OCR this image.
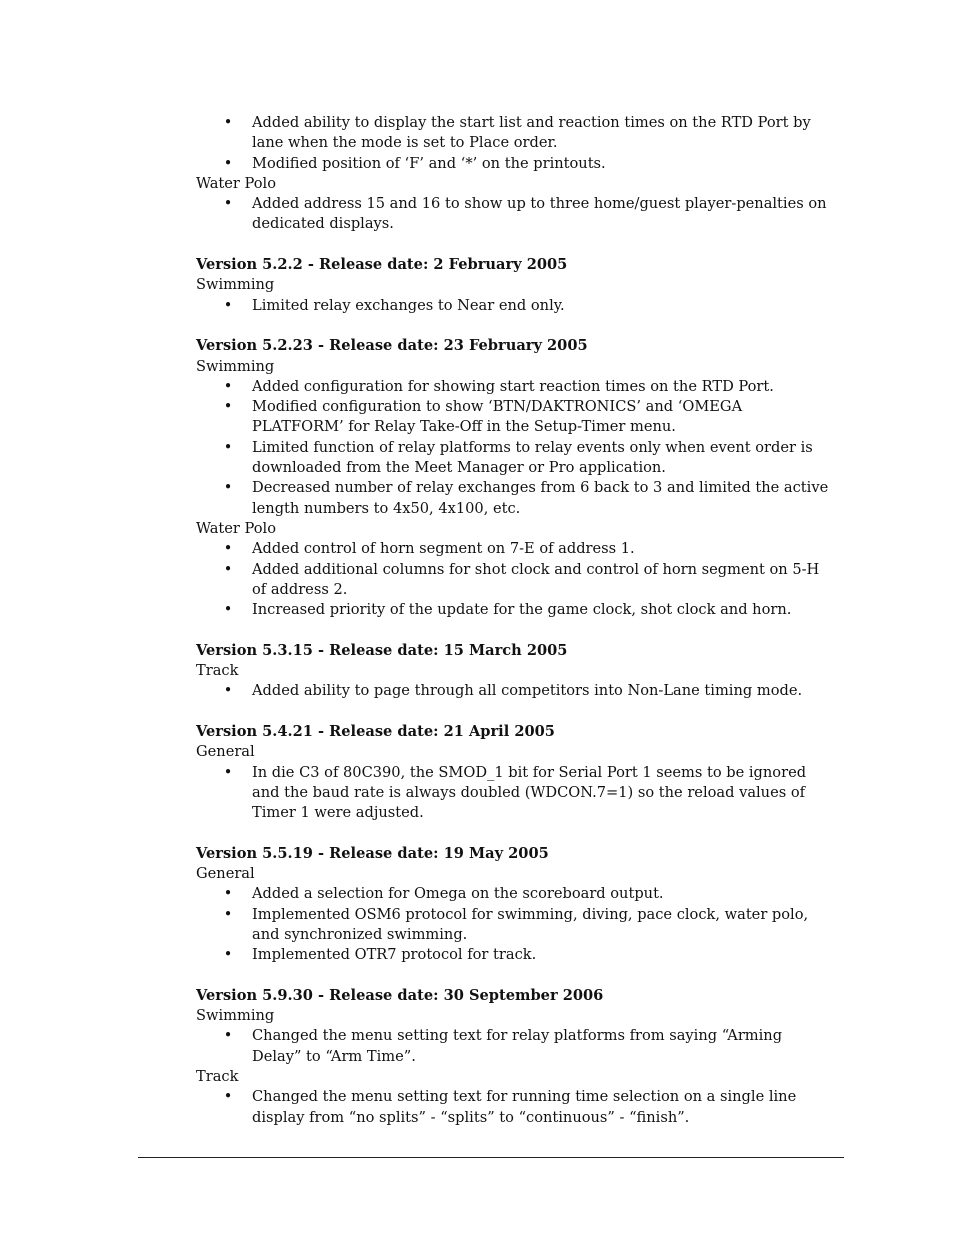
• Added ability to display the start list and reaction times on the RTD Port by lane when the mode is set to Place order.
• Modified position of ‘F’ and ‘*’ on the printouts.
Water Polo
• Added address 15 and 16 to show up to three home/guest player-penalties on dedicated displays.
Version 5.2.2 - Release date: 2 February 2005
Swimming
• Limited relay exchanges to Near end only.
Version 5.2.23 - Release date: 23 February 2005
Swimming
• Added configuration for showing start reaction times on the RTD Port.
• Modified configuration to show ‘BTN/DAKTRONICS’ and ‘OMEGA PLATFORM’ for Relay Take-Off in the Setup-Timer menu.
• Limited function of relay platforms to relay events only when event order is downloaded from the Meet Manager or Pro application.
• Decreased number of relay exchanges from 6 back to 3 and limited the active length numbers to 4x50, 4x100, etc.
Water Polo
• Added control of horn segment on 7-E of address 1.
• Added additional columns for shot clock and control of horn segment on 5-H of address 2.
• Increased priority of the update for the game clock, shot clock and horn.
Version 5.3.15 - Release date: 15 March 2005
Track
• Added ability to page through all competitors into Non-Lane timing mode.
Version 5.4.21 - Release date: 21 April 2005
General
• In die C3 of 80C390, the SMOD_1 bit for Serial Port 1 seems to be ignored and the baud rate is always doubled (WDCON.7=1) so the reload values of Timer 1 were adjusted.
Version 5.5.19 - Release date: 19 May 2005
General
• Added a selection for Omega on the scoreboard output.
• Implemented OSM6 protocol for swimming, diving, pace clock, water polo, and synchronized swimming.
• Implemented OTR7 protocol for track.
Version 5.9.30 - Release date: 30 September 2006
Swimming
• Changed the menu setting text for relay platforms from saying “Arming Delay” to “Arm Time”.
Track
• Changed the menu setting text for running time selection on a single line display from “no splits” - “splits” to “continuous” - “finish”.
